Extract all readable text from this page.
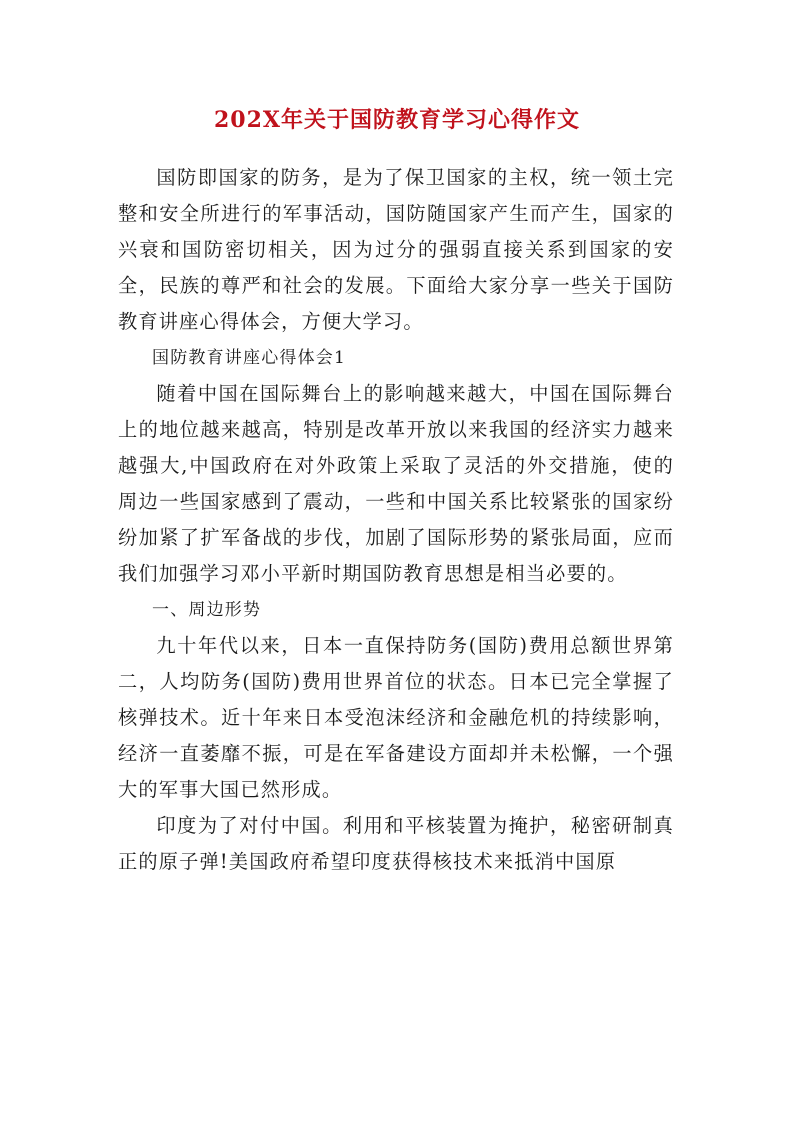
202X年关于国防教育学习心得作文

国防即国家的防务，是为了保卫国家的主权，统一领土完整和安全所进行的军事活动，国防随国家产生而产生，国家的兴衰和国防密切相关，因为过分的强弱直接关系到国家的安全，民族的尊严和社会的发展。下面给大家分享一些关于国防教育讲座心得体会，方便大学习。

国防教育讲座心得体会1

随着中国在国际舞台上的影响越来越大，中国在国际舞台上的地位越来越高，特别是改革开放以来我国的经济实力越来越强大,中国政府在对外政策上采取了灵活的外交措施，使的周边一些国家感到了震动，一些和中国关系比较紧张的国家纷纷加紧了扩军备战的步伐，加剧了国际形势的紧张局面，应而我们加强学习邓小平新时期国防教育思想是相当必要的。

一、周边形势

九十年代以来，日本一直保持防务(国防)费用总额世界第二，人均防务(国防)费用世界首位的状态。日本已完全掌握了核弹技术。近十年来日本受泡沫经济和金融危机的持续影响，经济一直萎靡不振，可是在军备建设方面却并未松懈，一个强大的军事大国已然形成。

印度为了对付中国。利用和平核装置为掩护，秘密研制真正的原子弹!美国政府希望印度获得核技术来抵消中国原
